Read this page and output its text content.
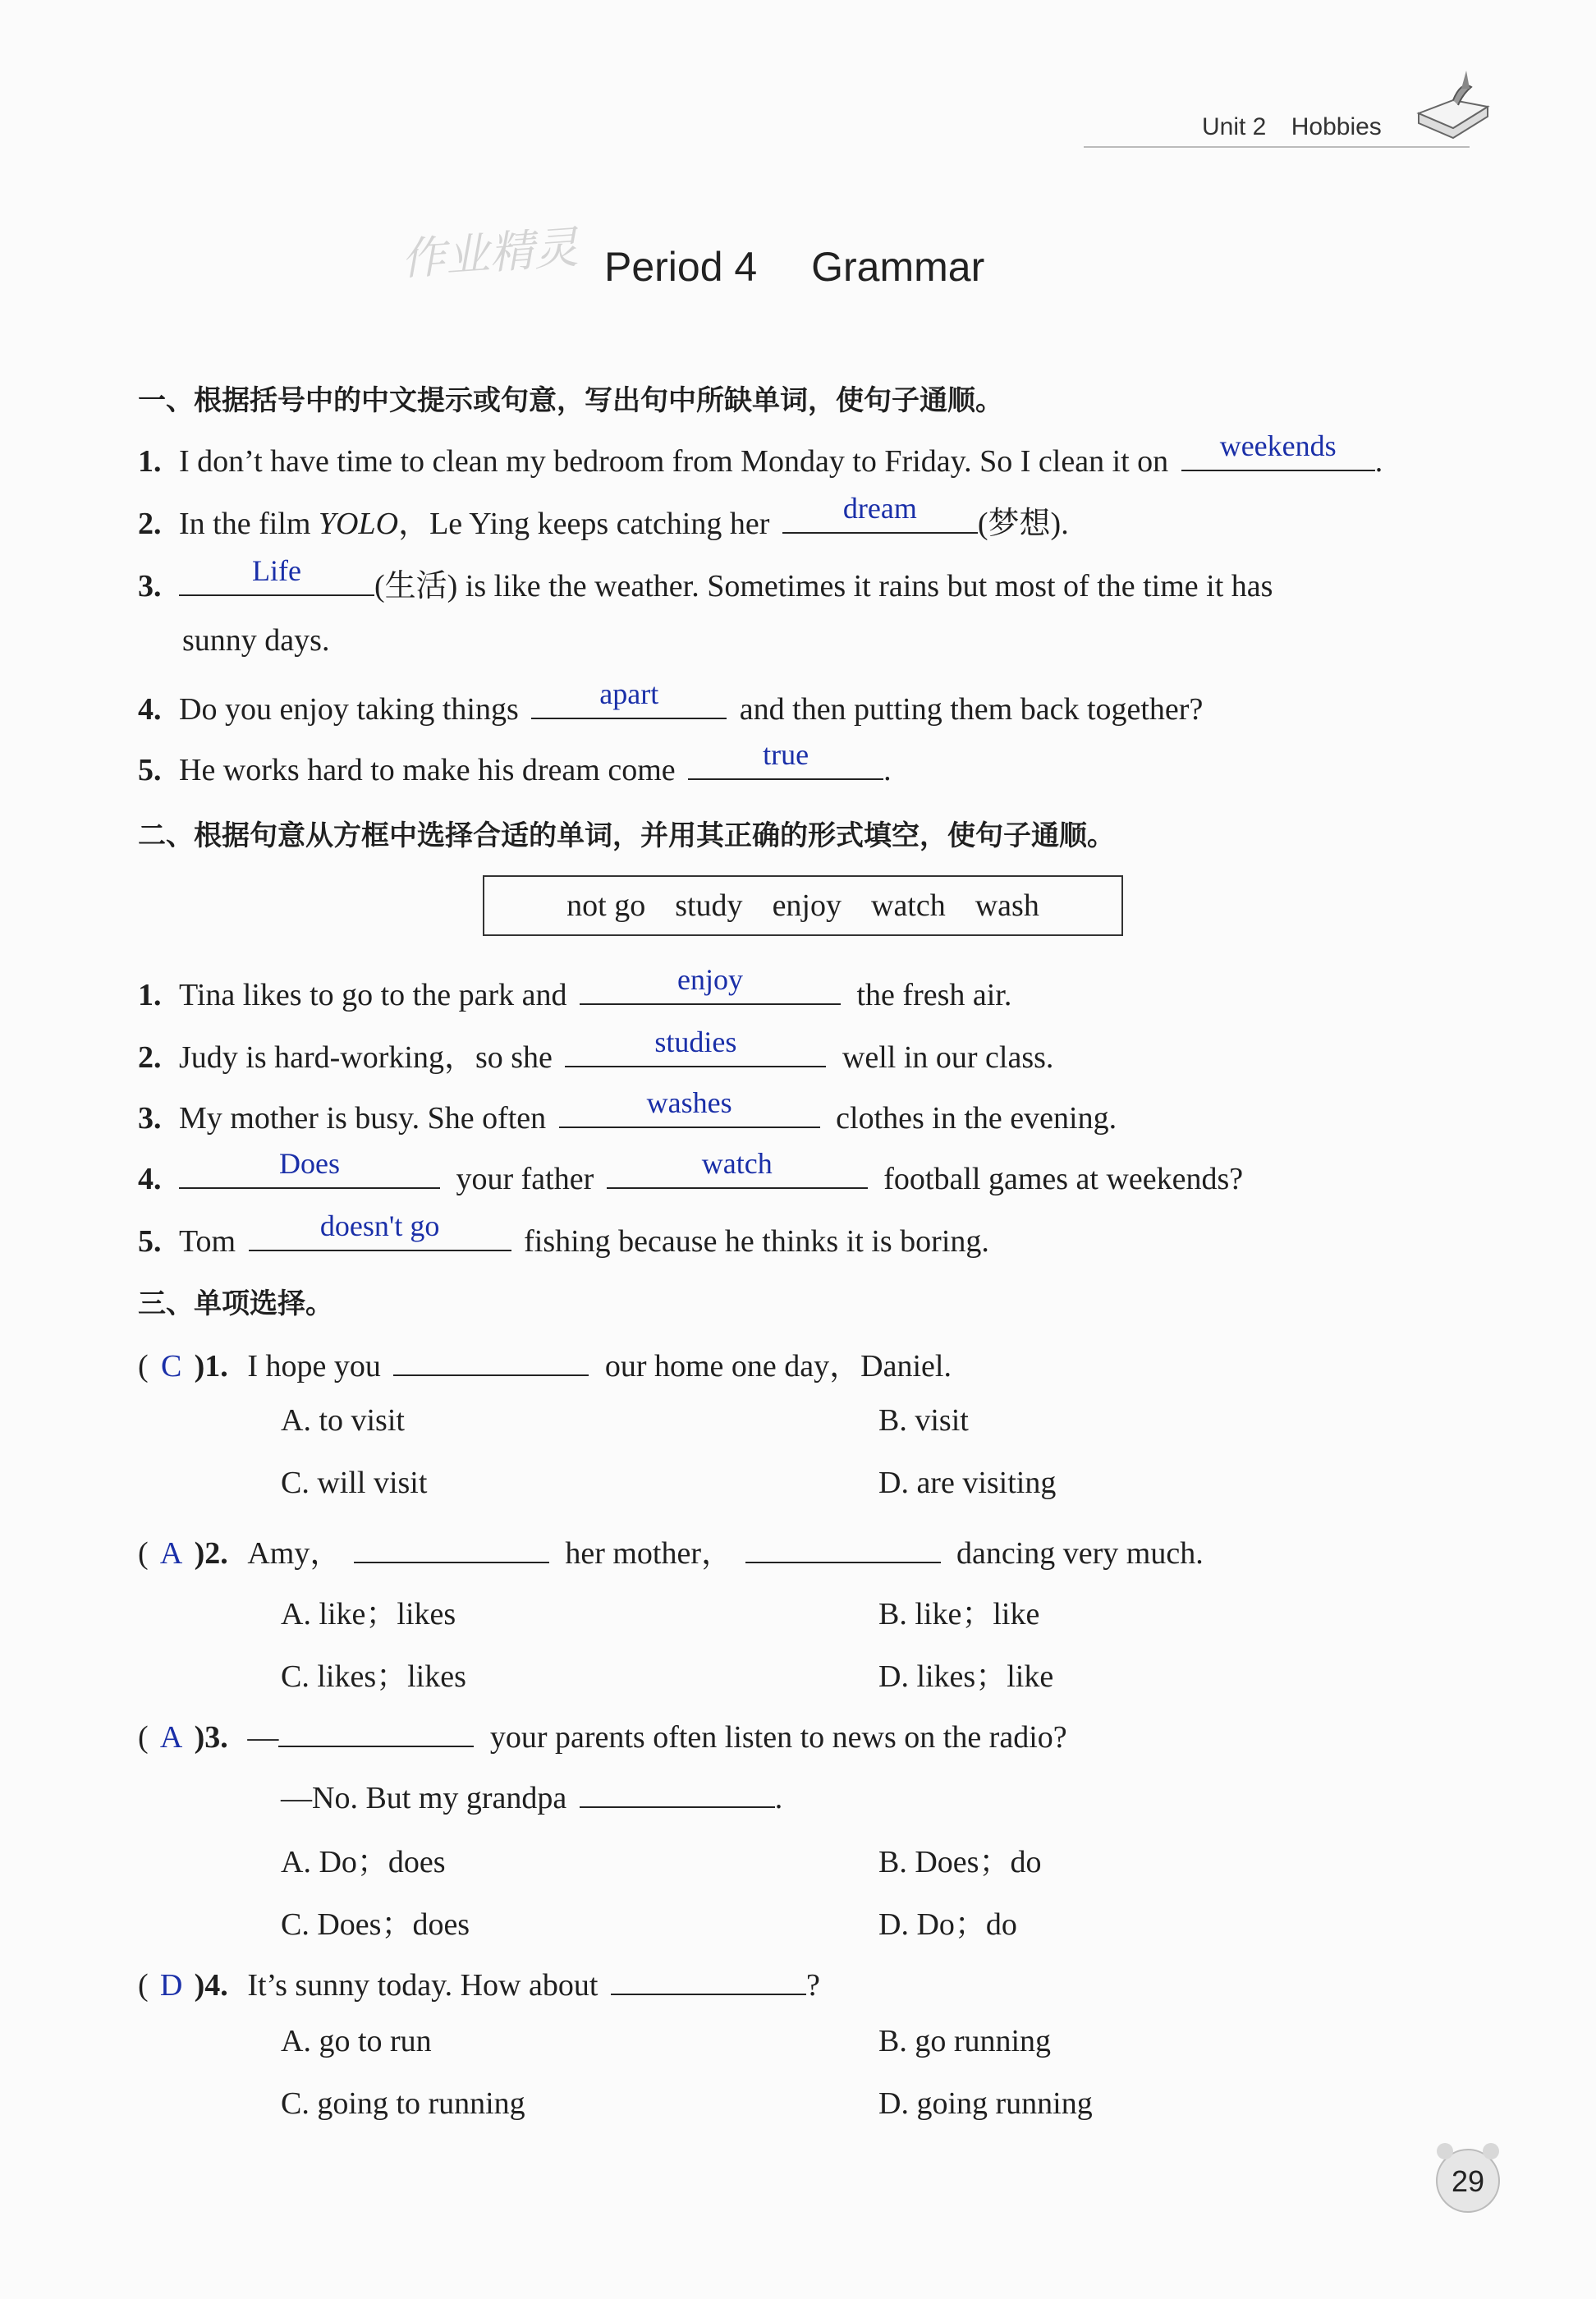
Unit 2 Hobbies
作业精灵 Period 4 Grammar
一、根据括号中的中文提示或句意，写出句中所缺单词，使句子通顺。
1. I don’t have time to clean my bedroom from Monday to Friday. So I clean it on	weekends	.
2. In the film YOLO，Le Ying keeps catching her	dream	(梦想).
3.	Life	(生活) is like the weather. Sometimes it rains but most of the time it has
sunny days.
4. Do you enjoy taking things	apart	and then putting them back together?
5. He works hard to make his dream come	true	.
二、根据句意从方框中选择合适的单词，并用其正确的形式填空，使句子通顺。
not go study enjoy watch wash
1. Tina likes to go to the park and	enjoy	the fresh air.
2. Judy is hard-working，so she	studies	well in our class.
3. My mother is busy. She often	washes	clothes in the evening.
4.	Does	your father	watch	football games at weekends?
5. Tom	doesn't go	fishing because he thinks it is boring.
三、单项选择。
( C )1. I hope you	our home one day，Daniel.
A. to visit	B. visit
C. will visit	D. are visiting
( A )2. Amy，	her mother，	dancing very much.
A. like；likes	B. like；like
C. likes；likes	D. likes；like
( A )3. —	your parents often listen to news on the radio?
—No. But my grandpa	.
A. Do；does	B. Does；do
C. Does；does	D. Do；do
( D )4. It’s sunny today. How about	?
A. go to run	B. go running
C. going to running	D. going running
29
